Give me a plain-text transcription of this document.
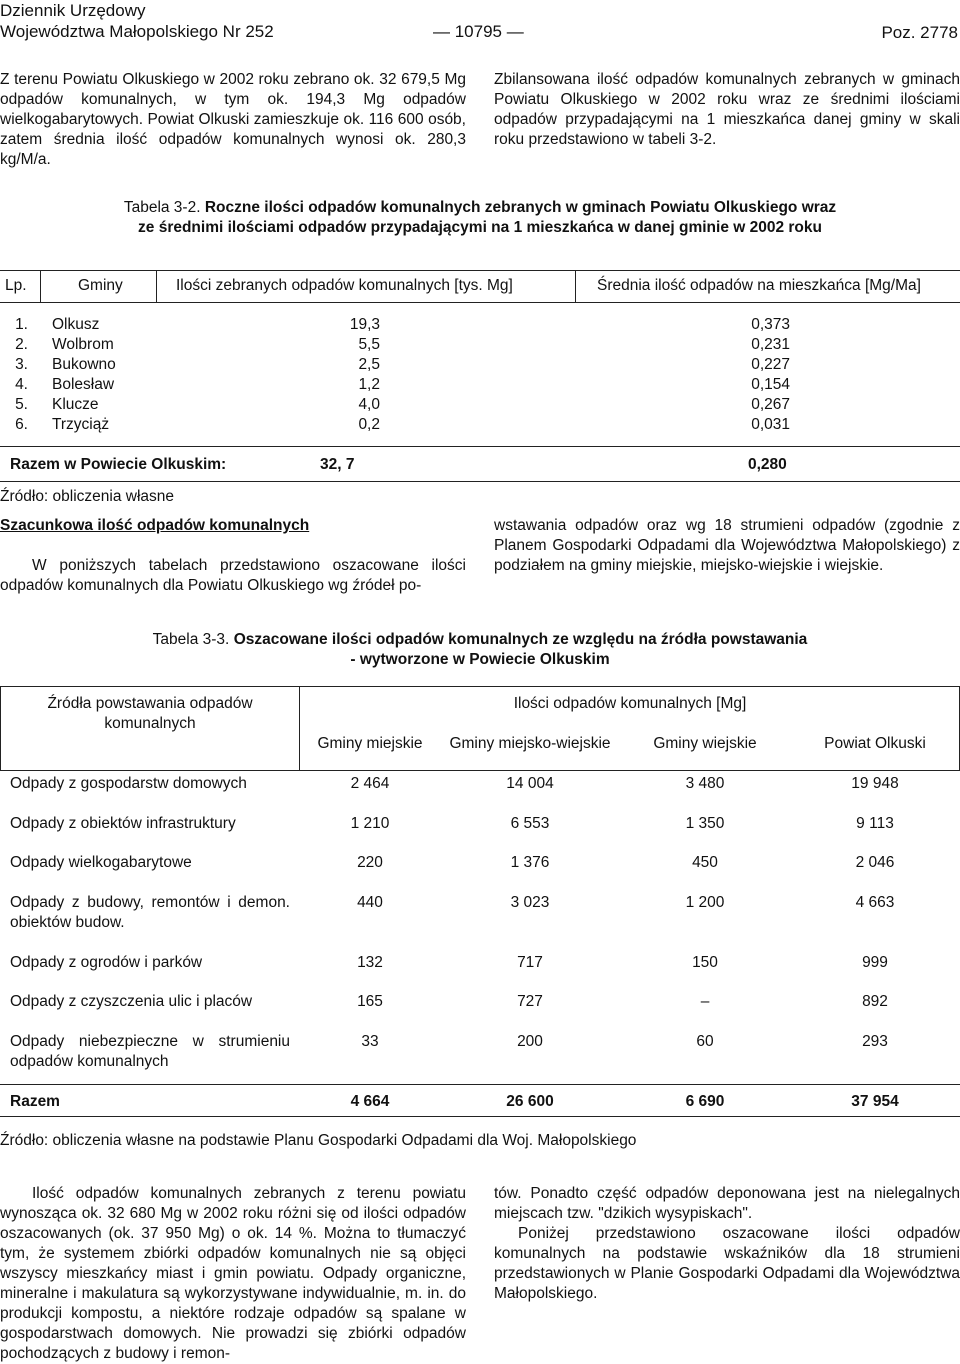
Dziennik Urzędowy
Województwa Małopolskiego Nr 252	— 10795 —	Poz. 2778
Z terenu Powiatu Olkuskiego w 2002 roku zebrano ok. 32 679,5 Mg odpadów komunalnych, w tym ok. 194,3 Mg odpadów wielkogabarytowych. Powiat Olkuski zamieszkuje ok. 116 600 osób, zatem średnia ilość odpadów komunalnych wynosi ok. 280,3 kg/M/a.
Zbilansowana ilość odpadów komunalnych zebranych w gminach Powiatu Olkuskiego w 2002 roku wraz ze średnimi ilościami odpadów przypadającymi na 1 mieszkańca danej gminy w skali roku przedstawiono w tabeli 3-2.
Tabela 3-2. Roczne ilości odpadów komunalnych zebranych w gminach Powiatu Olkuskiego wraz
ze średnimi ilościami odpadów przypadającymi na 1 mieszkańca w danej gminie w 2002 roku
Lp.	Gminy	Ilości zebranych odpadów komunalnych [tys. Mg]	Średnia ilość odpadów na mieszkańca [Mg/Ma]
1. Olkusz	19,3	0,373
2. Wolbrom	5,5	0,231
3. Bukowno	2,5	0,227
4. Bolesław	1,2	0,154
5. Klucze	4,0	0,267
6. Trzyciąż	0,2	0,031
Razem w Powiecie Olkuskim:	32, 7	0,280
Źródło: obliczenia własne
Szacunkowa ilość odpadów komunalnych
W poniższych tabelach przedstawiono oszacowane ilości odpadów komunalnych dla Powiatu Olkuskiego wg źródeł po-
wstawania odpadów oraz wg 18 strumieni odpadów (zgodnie z Planem Gospodarki Odpadami dla Województwa Małopolskiego) z podziałem na gminy miejskie, miejsko-wiejskie i wiejskie.
Tabela 3-3. Oszacowane ilości odpadów komunalnych ze względu na źródła powstawania
- wytworzone w Powiecie Olkuskim
Źródła powstawania odpadów komunalnych
Ilości odpadów komunalnych [Mg]
Gminy miejskie	Gminy miejsko-wiejskie	Gminy wiejskie	Powiat Olkuski
Odpady z gospodarstw domowych	2 464	14 004	3 480	19 948
Odpady z obiektów infrastruktury	1 210	6 553	1 350	9 113
Odpady wielkogabarytowe	220	1 376	450	2 046
Odpady z budowy, remontów i demon. obiektów budow.
440	3 023	1 200	4 663
Odpady z ogrodów i parków	132	717	150	999
Odpady z czyszczenia ulic i placów	165	727	–	892
Odpady niebezpieczne w strumieniu odpadów komunalnych
33	200	60	293
Razem	4 664	26 600	6 690	37 954
Źródło: obliczenia własne na podstawie Planu Gospodarki Odpadami dla Woj. Małopolskiego
Ilość odpadów komunalnych zebranych z terenu powiatu wynosząca ok. 32 680 Mg w 2002 roku różni się od ilości odpadów oszacowanych (ok. 37 950 Mg) o ok. 14 %. Można to tłumaczyć tym, że systemem zbiórki odpadów komunalnych nie są objęci wszyscy mieszkańcy miast i gmin powiatu. Odpady organiczne, mineralne i makulatura są wykorzystywane indywidualnie, m. in. do produkcji kompostu, a niektóre rodzaje odpadów są spalane w gospodarstwach domowych. Nie prowadzi się zbiórki odpadów pochodzących z budowy i remon-
tów. Ponadto część odpadów deponowana jest na nielegalnych miejscach tzw. "dzikich wysypiskach".
Poniżej przedstawiono oszacowane ilości odpadów komunalnych na podstawie wskaźników dla 18 strumieni przedstawionych w Planie Gospodarki Odpadami dla Województwa Małopolskiego.
